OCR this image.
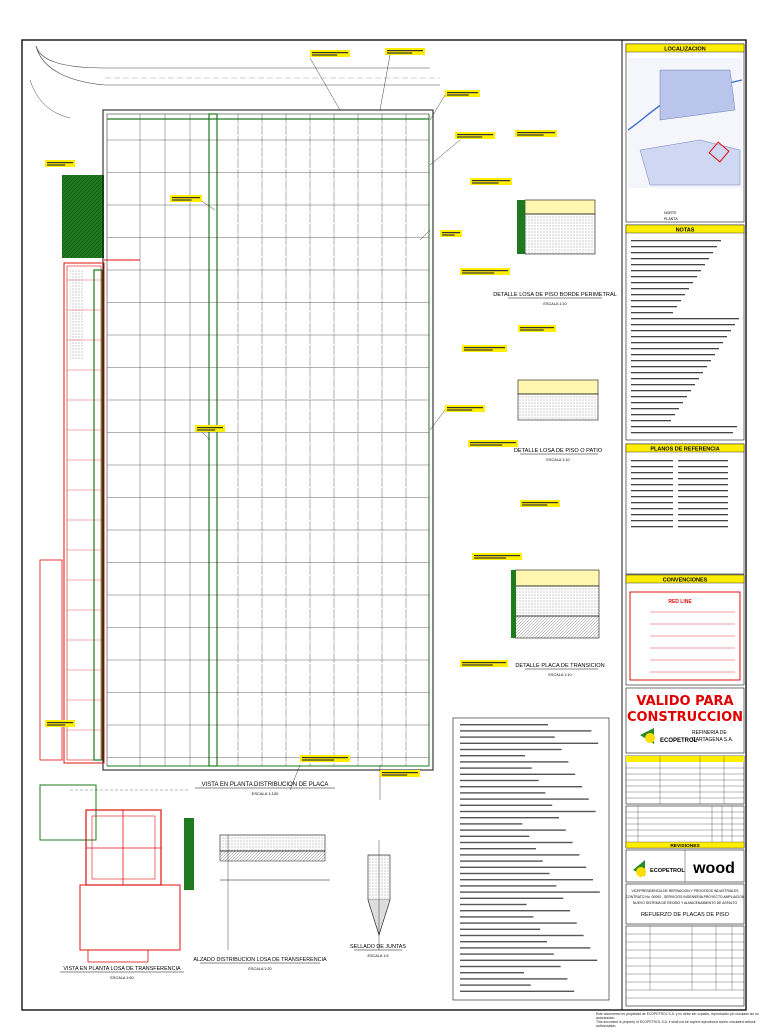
LOCALIZACION
NORTE
PLANTA
NOTAS
PLANOS DE REFERENCIA
CONVENCIONES
RED LINE
VALIDO PARA
CONSTRUCCION
ECOPETROL
REFINERIA DE
CARTAGENA S.A.
REVISIONES
ECOPETROL wood
VICEPRESIDENCIA DE REFINACION Y PROCESOS INDUSTRIALES
CONTRATO No. 00000 - SERVICIOS INGENIERIA PROYECTO AMPLIACION
NUEVO SISTEMA DE RECIBO Y ALMACENAMIENTO DE ASFALTO
REFUERZO DE PLACAS DE PISO
VISTA EN PLANTA DISTRIBUCION DE PLACA
ESCALA 1:100
DETALLE LOSA DE PISO BORDE PERIMETRAL
ESCALA 1:10
DETALLE LOSA DE PISO O PATIO
ESCALA 1:10
DETALLE PLACA DE TRANSICION
ESCALA 1:10
VISTA EN PLANTA LOSA DE TRANSFERENCIA
ESCALA 1:50
ALZADO DISTRIBUCION LOSA DE TRANSFERENCIA
ESCALA 1:20
SELLADO DE JUNTAS
ESCALA 1:5
Este documento es propiedad de ECOPETROL S.A. y no debe ser copiado, reproducido y/o circulado sin su autorizacion.
This document is property of ECOPETROL S.A. it shall not be copied reproduced and/or circulated without authorization.
